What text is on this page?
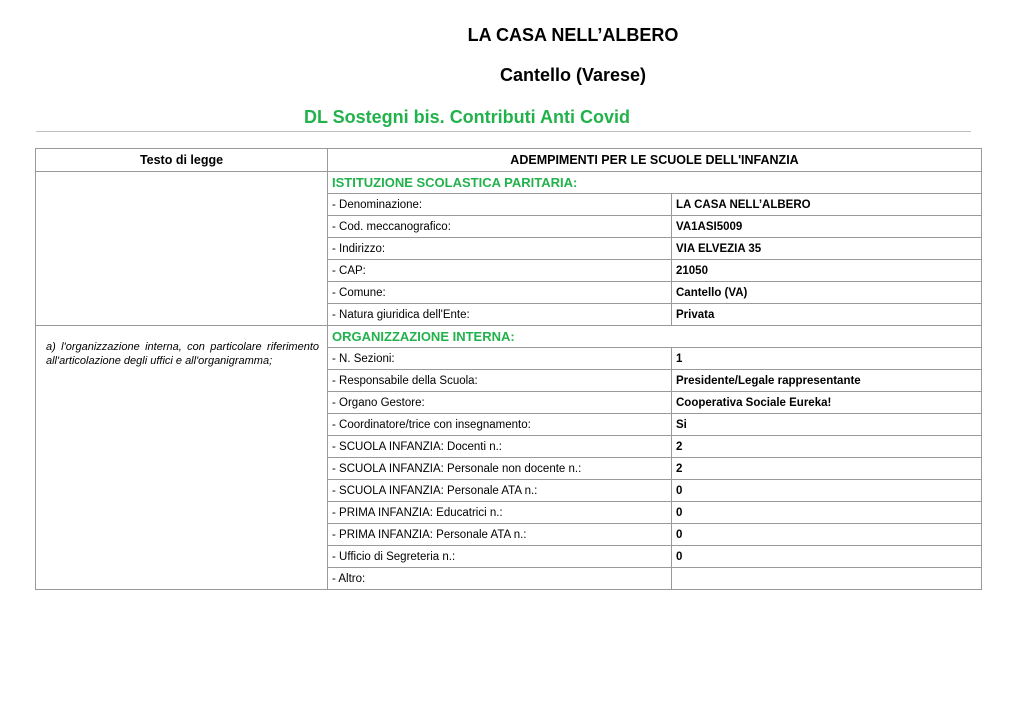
LA CASA NELL’ALBERO
Cantello (Varese)
DL Sostegni bis. Contributi Anti Covid
Testo di legge	ADEMPIMENTI PER LE SCUOLE DELL'INFANZIA	
	ISTITUZIONE SCOLASTICA PARITARIA:	
	- Denominazione:	LA CASA NELL’ALBERO
	- Cod. meccanografico:	VA1ASI5009
	- Indirizzo:	VIA ELVEZIA 35
	- CAP:	21050
	- Comune:	Cantello (VA)
	- Natura giuridica dell'Ente:	Privata
a) l'organizzazione interna, con particolare riferimento all'articolazione degli uffici e all'organigramma;	ORGANIZZAZIONE INTERNA:	
	- N. Sezioni:	1
	- Responsabile della Scuola:	Presidente/Legale rappresentante
	- Organo Gestore:	Cooperativa Sociale Eureka!
	- Coordinatore/trice con insegnamento:	Si
	- SCUOLA INFANZIA: Docenti n.:	2
	- SCUOLA INFANZIA: Personale non docente n.:	2
	- SCUOLA INFANZIA: Personale ATA n.:	0
	- PRIMA INFANZIA: Educatrici n.:	0
	- PRIMA INFANZIA: Personale ATA n.:	0
	- Ufficio di Segreteria n.:	0
	- Altro:	
